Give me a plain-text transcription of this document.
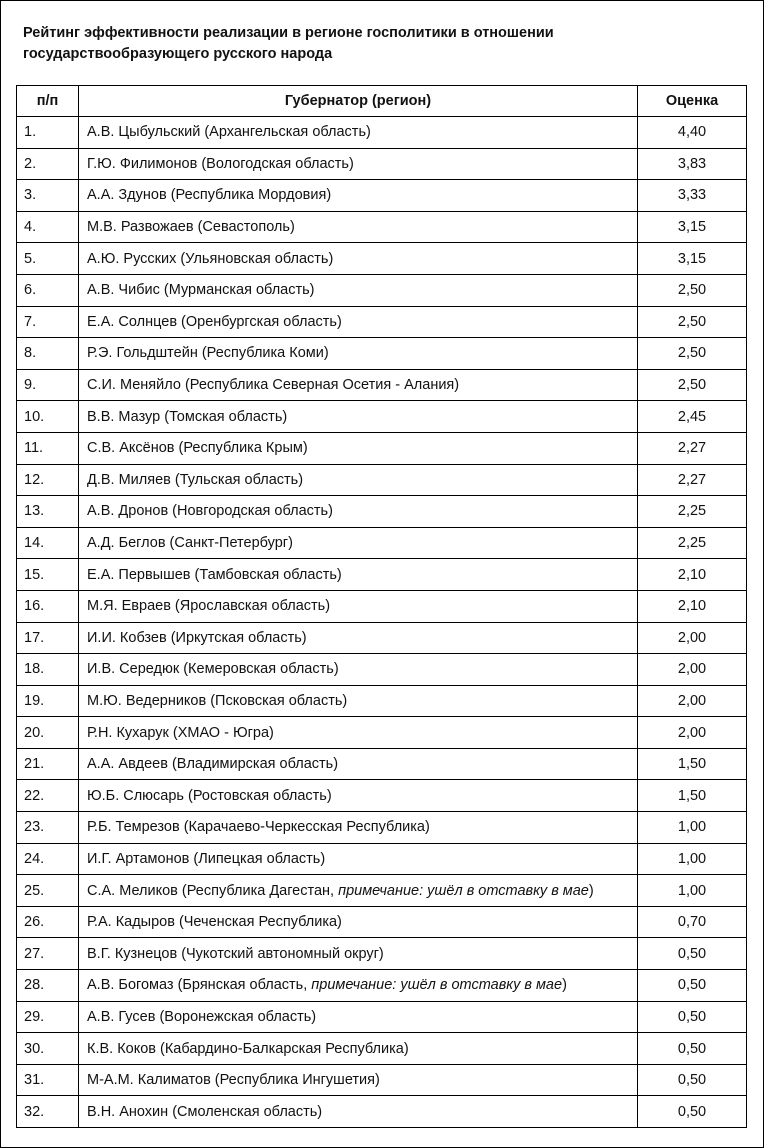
Рейтинг эффективности реализации в регионе госполитики в отношении
государствообразующего русского народа
п/п	Губернатор (регион)	Оценка
1.	А.В. Цыбульский (Архангельская область)	4,40
2.	Г.Ю. Филимонов (Вологодская область)	3,83
3.	А.А. Здунов (Республика Мордовия)	3,33
4.	М.В. Развожаев (Севастополь)	3,15
5.	А.Ю. Русских (Ульяновская область)	3,15
6.	А.В. Чибис (Мурманская область)	2,50
7.	Е.А. Солнцев (Оренбургская область)	2,50
8.	Р.Э. Гольдштейн (Республика Коми)	2,50
9.	С.И. Меняйло (Республика Северная Осетия - Алания)	2,50
10.	В.В. Мазур (Томская область)	2,45
11.	С.В. Аксёнов (Республика Крым)	2,27
12.	Д.В. Миляев (Тульская область)	2,27
13.	А.В. Дронов (Новгородская область)	2,25
14.	А.Д. Беглов (Санкт-Петербург)	2,25
15.	Е.А. Первышев (Тамбовская область)	2,10
16.	М.Я. Евраев (Ярославская область)	2,10
17.	И.И. Кобзев (Иркутская область)	2,00
18.	И.В. Середюк (Кемеровская область)	2,00
19.	М.Ю. Ведерников (Псковская область)	2,00
20.	Р.Н. Кухарук (ХМАО - Югра)	2,00
21.	А.А. Авдеев (Владимирская область)	1,50
22.	Ю.Б. Слюсарь (Ростовская область)	1,50
23.	Р.Б. Темрезов (Карачаево-Черкесская Республика)	1,00
24.	И.Г. Артамонов (Липецкая область)	1,00
25.	С.А. Меликов (Республика Дагестан, примечание: ушёл в отставку в мае)	1,00
26.	Р.А. Кадыров (Чеченская Республика)	0,70
27.	В.Г. Кузнецов (Чукотский автономный округ)	0,50
28.	А.В. Богомаз (Брянская область, примечание: ушёл в отставку в мае)	0,50
29.	А.В. Гусев (Воронежская область)	0,50
30.	К.В. Коков (Кабардино-Балкарская Республика)	0,50
31.	М-А.М. Калиматов (Республика Ингушетия)	0,50
32.	В.Н. Анохин (Смоленская область)	0,50
